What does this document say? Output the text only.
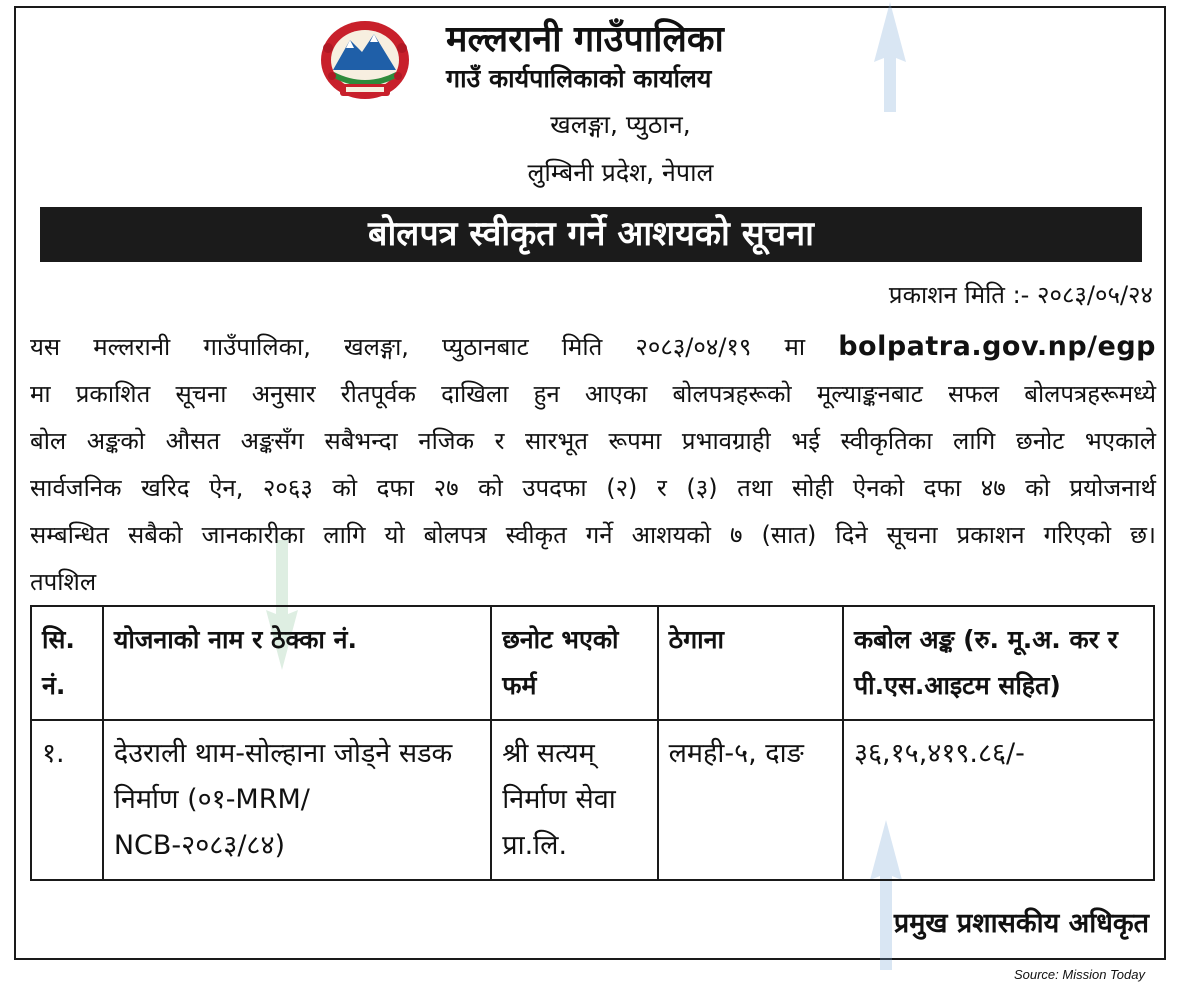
मल्लरानी गाउँपालिका
गाउँ कार्यपालिकाको कार्यालय
खलङ्गा, प्युठान,
लुम्बिनी प्रदेश, नेपाल
बोलपत्र स्वीकृत गर्ने आशयको सूचना
प्रकाशन मिति :- २०८३/०५/२४
यस मल्लरानी गाउँपालिका, खलङ्गा, प्युठानबाट मिति २०८३/०४/१९ मा bolpatra.gov.np/egp
मा प्रकाशित सूचना अनुसार रीतपूर्वक दाखिला हुन आएका बोलपत्रहरूको मूल्याङ्कनबाट सफल बोलपत्रहरूमध्ये
बोल अङ्कको औसत अङ्कसँग सबैभन्दा नजिक र सारभूत रूपमा प्रभावग्राही भई स्वीकृतिका लागि छनोट भएकाले
सार्वजनिक खरिद ऐन, २०६३ को दफा २७ को उपदफा (२) र (३) तथा सोही ऐनको दफा ४७ को प्रयोजनार्थ
सम्बन्धित सबैको जानकारीका लागि यो बोलपत्र स्वीकृत गर्ने आशयको ७ (सात) दिने सूचना प्रकाशन गरिएको छ।
तपशिल
सि. नं.	योजनाको नाम र ठेक्का नं.	छनोट भएको फर्म	ठेगाना	कबोल अङ्क (रु. मू.अ. कर र पी.एस.आइटम सहित)
१.	देउराली थाम-सोल्हाना जोड्ने सडक निर्माण (०१-MRM/ NCB-२०८३/८४)	श्री सत्यम् निर्माण सेवा प्रा.लि.	लमही-५, दाङ	३६,१५,४१९.८६/-
प्रमुख प्रशासकीय अधिकृत
Source: Mission Today
